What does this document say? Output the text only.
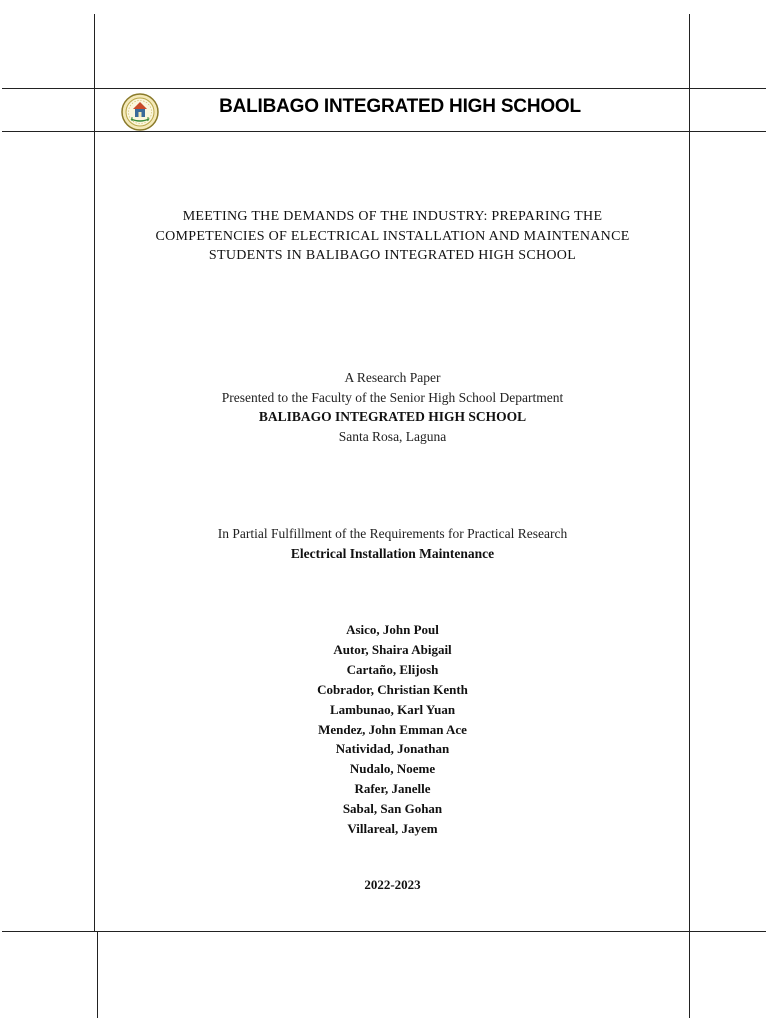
BALIBAGO INTEGRATED HIGH SCHOOL
MEETING THE DEMANDS OF THE INDUSTRY: PREPARING THE
COMPETENCIES OF ELECTRICAL INSTALLATION AND MAINTENANCE
STUDENTS IN BALIBAGO INTEGRATED HIGH SCHOOL
A Research Paper
Presented to the Faculty of the Senior High School Department
BALIBAGO INTEGRATED HIGH SCHOOL
Santa Rosa, Laguna
In Partial Fulfillment of the Requirements for Practical Research
Electrical Installation Maintenance
Asico, John Poul
Autor, Shaira Abigail
Cartaño, Elijosh
Cobrador, Christian Kenth
Lambunao, Karl Yuan
Mendez, John Emman Ace
Natividad, Jonathan
Nudalo, Noeme
Rafer, Janelle
Sabal, San Gohan
Villareal, Jayem
2022-2023
